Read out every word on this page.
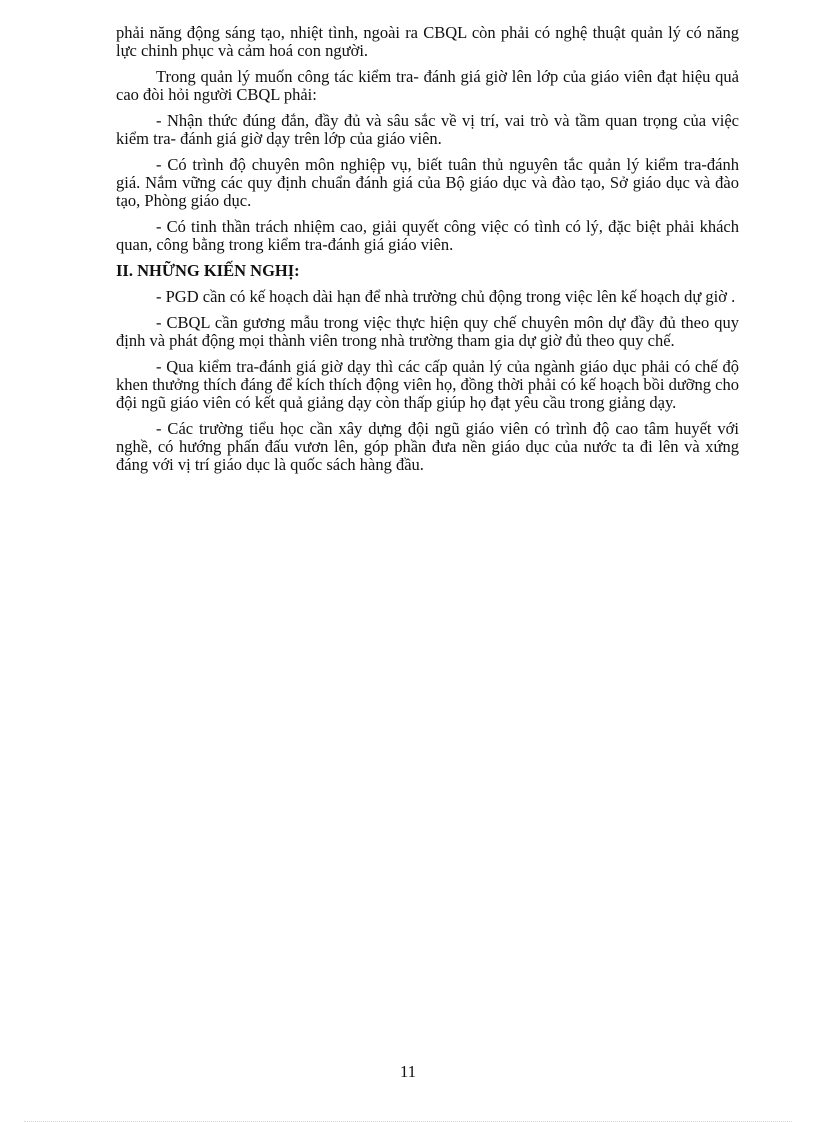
phải năng động sáng tạo, nhiệt tình, ngoài ra CBQL còn phải có nghệ thuật quản lý có năng lực chinh phục và cảm hoá con người.

Trong quản lý muốn công tác kiểm tra- đánh giá giờ lên lớp của giáo viên đạt hiệu quả cao đòi hỏi người CBQL phải:

- Nhận thức đúng đắn, đầy đủ và sâu sắc về vị trí, vai trò và tầm quan trọng của việc kiểm tra- đánh giá giờ dạy trên lớp của giáo viên.

- Có trình độ chuyên môn nghiệp vụ, biết tuân thủ nguyên tắc quản lý kiểm tra-đánh giá. Nắm vững các quy định chuẩn đánh giá của Bộ giáo dục và đào tạo, Sở giáo dục và đào tạo, Phòng giáo dục.

- Có tinh thần trách nhiệm cao, giải quyết công việc có tình có lý, đặc biệt phải khách quan, công bằng trong kiểm tra-đánh giá giáo viên.

II. NHỮNG KIẾN NGHỊ:

- PGD cần có kế hoạch dài hạn để nhà trường chủ động trong việc lên kế hoạch dự giờ .

- CBQL cần gương mẫu trong việc thực hiện quy chế chuyên môn dự đầy đủ theo quy định và phát động mọi thành viên trong nhà trường tham gia dự giờ đủ theo quy chế.

- Qua kiểm tra-đánh giá giờ dạy thì các cấp quản lý của ngành giáo dục phải có chế độ khen thưởng thích đáng để kích thích động viên họ, đồng thời phải có kế hoạch bồi dưỡng cho đội ngũ giáo viên có kết quả giảng dạy còn thấp giúp họ đạt yêu cầu trong giảng dạy.

- Các trường tiểu học cần xây dựng đội ngũ giáo viên có trình độ cao tâm huyết với nghề, có hướng phấn đấu vươn lên, góp phần đưa nền giáo dục của nước ta đi lên và xứng đáng với vị trí giáo dục là quốc sách hàng đầu.

11
